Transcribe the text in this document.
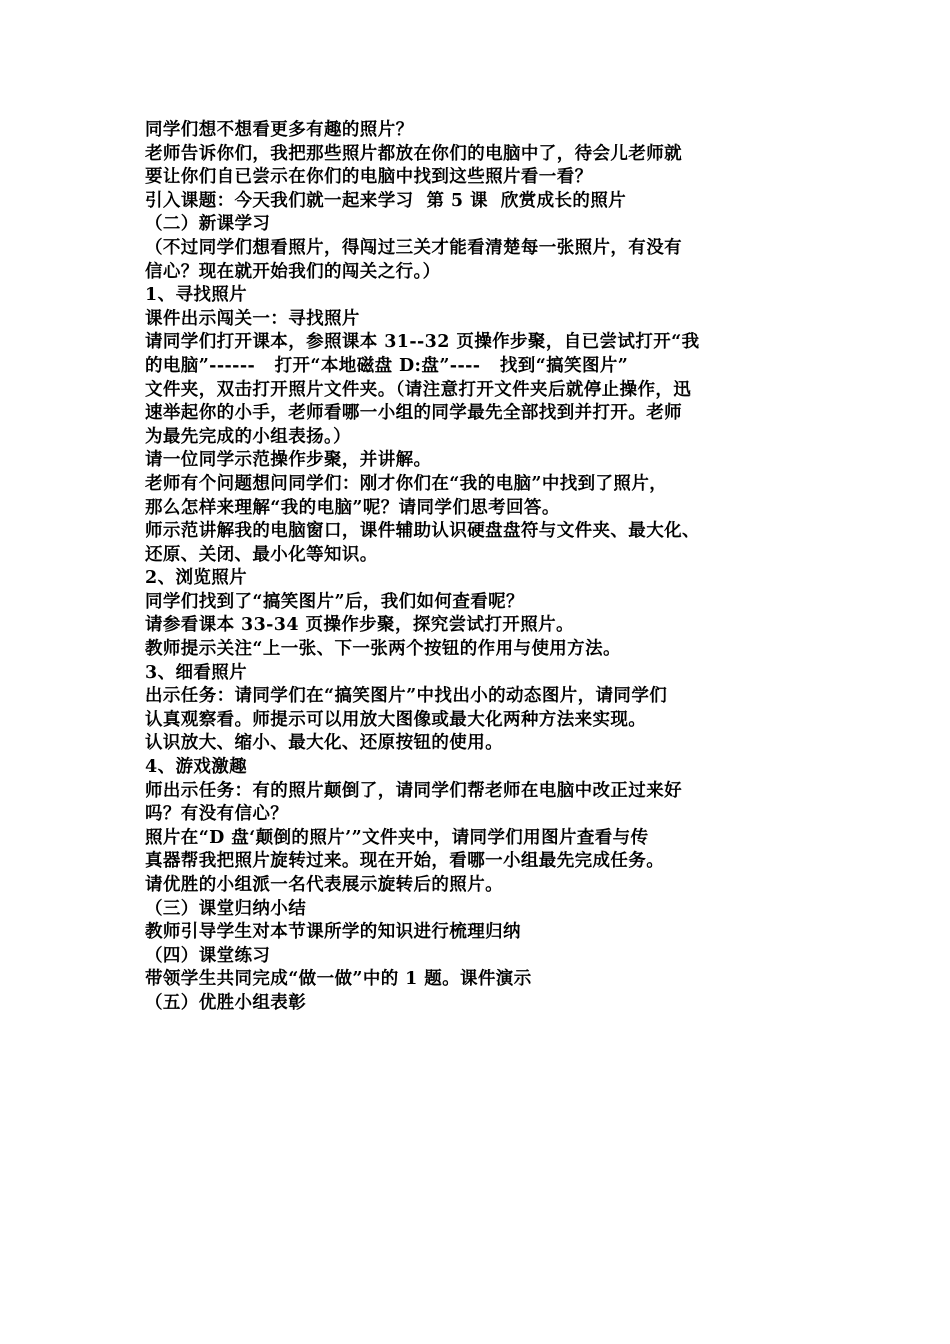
同学们想不想看更多有趣的照片？
老师告诉你们，我把那些照片都放在你们的电脑中了，待会儿老师就
要让你们自已尝示在你们的电脑中找到这些照片看一看？
引入课题：今天我们就一起来学习  第 5 课  欣赏成长的照片
（二）新课学习
（不过同学们想看照片，得闯过三关才能看清楚每一张照片，有没有
信心？现在就开始我们的闯关之行。）
1、寻找照片
课件出示闯关一：寻找照片
请同学们打开课本，参照课本 31--32 页操作步聚，自已尝试打开“我
的电脑”------   打开“本地磁盘 D:盘”----   找到“搞笑图片”
文件夹，双击打开照片文件夹。（请注意打开文件夹后就停止操作，迅
速举起你的小手，老师看哪一小组的同学最先全部找到并打开。老师
为最先完成的小组表扬。）
请一位同学示范操作步聚，并讲解。
老师有个问题想问同学们：刚才你们在“我的电脑”中找到了照片，
那么怎样来理解“我的电脑”呢？请同学们思考回答。
师示范讲解我的电脑窗口，课件辅助认识硬盘盘符与文件夹、最大化、
还原、关闭、最小化等知识。
2、浏览照片
同学们找到了“搞笑图片”后，我们如何查看呢？
请参看课本 33-34 页操作步聚，探究尝试打开照片。
教师提示关注“上一张、下一张两个按钮的作用与使用方法。
3、细看照片
出示任务：请同学们在“搞笑图片”中找出小的动态图片，请同学们
认真观察看。师提示可以用放大图像或最大化两种方法来实现。
认识放大、缩小、最大化、还原按钮的使用。
4、游戏激趣
师出示任务：有的照片颠倒了，请同学们帮老师在电脑中改正过来好
吗？有没有信心？
照片在“D 盘‘颠倒的照片’”文件夹中，请同学们用图片查看与传
真器帮我把照片旋转过来。现在开始，看哪一小组最先完成任务。
请优胜的小组派一名代表展示旋转后的照片。
（三）课堂归纳小结
教师引导学生对本节课所学的知识进行梳理归纳
（四）课堂练习
带领学生共同完成“做一做”中的 1 题。课件演示
（五）优胜小组表彰
